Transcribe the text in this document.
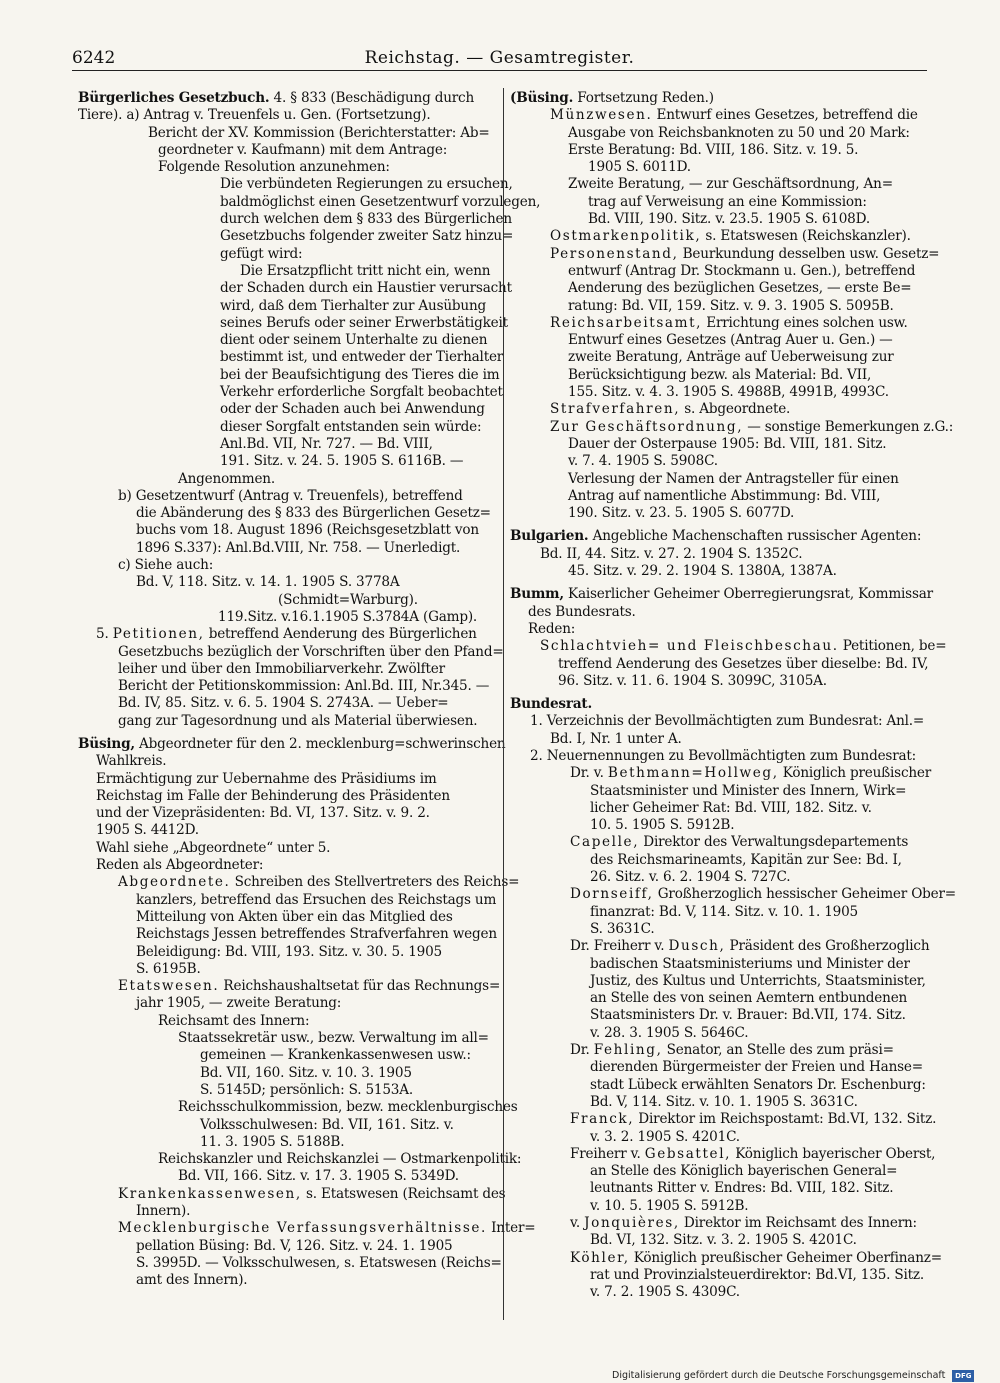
6242	Reichstag. — Gesamtregister.
Bürgerliches Gesetzbuch. 4. § 833 (Beschädigung durch
Tiere). a) Antrag v. Treuenfels u. Gen. (Fortsetzung).
Bericht der XV. Kommission (Berichterstatter: Ab=
geordneter v. Kaufmann) mit dem Antrage:
Folgende Resolution anzunehmen:
Die verbündeten Regierungen zu ersuchen,
baldmöglichst einen Gesetzentwurf vorzulegen,
durch welchen dem § 833 des Bürgerlichen
Gesetzbuchs folgender zweiter Satz hinzu=
gefügt wird:
Die Ersatzpflicht tritt nicht ein, wenn
der Schaden durch ein Haustier verursacht
wird, daß dem Tierhalter zur Ausübung
seines Berufs oder seiner Erwerbstätigkeit
dient oder seinem Unterhalte zu dienen
bestimmt ist, und entweder der Tierhalter
bei der Beaufsichtigung des Tieres die im
Verkehr erforderliche Sorgfalt beobachtet
oder der Schaden auch bei Anwendung
dieser Sorgfalt entstanden sein würde:
Anl.Bd. VII, Nr. 727. — Bd. VIII,
191. Sitz. v. 24. 5. 1905 S. 6116B. —
Angenommen.
b) Gesetzentwurf (Antrag v. Treuenfels), betreffend
die Abänderung des § 833 des Bürgerlichen Gesetz=
buchs vom 18. August 1896 (Reichsgesetzblatt von
1896 S.337): Anl.Bd.VIII, Nr. 758. — Unerledigt.
c) Siehe auch:
Bd. V, 118. Sitz. v. 14. 1. 1905 S. 3778A
(Schmidt=Warburg).
119.Sitz. v.16.1.1905 S.3784A (Gamp).
5. Petitionen, betreffend Aenderung des Bürgerlichen
Gesetzbuchs bezüglich der Vorschriften über den Pfand=
leiher und über den Immobiliarverkehr. Zwölfter
Bericht der Petitionskommission: Anl.Bd. III, Nr.345. —
Bd. IV, 85. Sitz. v. 6. 5. 1904 S. 2743A. — Ueber=
gang zur Tagesordnung und als Material überwiesen.
Büsing, Abgeordneter für den 2. mecklenburg=schwerinschen
Wahlkreis.
Ermächtigung zur Uebernahme des Präsidiums im
Reichstag im Falle der Behinderung des Präsidenten
und der Vizepräsidenten: Bd. VI, 137. Sitz. v. 9. 2.
1905 S. 4412D.
Wahl siehe „Abgeordnete“ unter 5.
Reden als Abgeordneter:
Abgeordnete. Schreiben des Stellvertreters des Reichs=
kanzlers, betreffend das Ersuchen des Reichstags um
Mitteilung von Akten über ein das Mitglied des
Reichstags Jessen betreffendes Strafverfahren wegen
Beleidigung: Bd. VIII, 193. Sitz. v. 30. 5. 1905
S. 6195B.
Etatswesen. Reichshaushaltsetat für das Rechnungs=
jahr 1905, — zweite Beratung:
Reichsamt des Innern:
Staatssekretär usw., bezw. Verwaltung im all=
gemeinen — Krankenkassenwesen usw.:
Bd. VII, 160. Sitz. v. 10. 3. 1905
S. 5145D; persönlich: S. 5153A.
Reichsschulkommission, bezw. mecklenburgisches
Volksschulwesen: Bd. VII, 161. Sitz. v.
11. 3. 1905 S. 5188B.
Reichskanzler und Reichskanzlei — Ostmarkenpolitik:
Bd. VII, 166. Sitz. v. 17. 3. 1905 S. 5349D.
Krankenkassenwesen, s. Etatswesen (Reichsamt des
Innern).
Mecklenburgische Verfassungsverhältnisse. Inter=
pellation Büsing: Bd. V, 126. Sitz. v. 24. 1. 1905
S. 3995D. — Volksschulwesen, s. Etatswesen (Reichs=
amt des Innern).
(Büsing. Fortsetzung Reden.)
Münzwesen. Entwurf eines Gesetzes, betreffend die
Ausgabe von Reichsbanknoten zu 50 und 20 Mark:
Erste Beratung: Bd. VIII, 186. Sitz. v. 19. 5.
1905 S. 6011D.
Zweite Beratung, — zur Geschäftsordnung, An=
trag auf Verweisung an eine Kommission:
Bd. VIII, 190. Sitz. v. 23.5. 1905 S. 6108D.
Ostmarkenpolitik, s. Etatswesen (Reichskanzler).
Personenstand, Beurkundung desselben usw. Gesetz=
entwurf (Antrag Dr. Stockmann u. Gen.), betreffend
Aenderung des bezüglichen Gesetzes, — erste Be=
ratung: Bd. VII, 159. Sitz. v. 9. 3. 1905 S. 5095B.
Reichsarbeitsamt, Errichtung eines solchen usw.
Entwurf eines Gesetzes (Antrag Auer u. Gen.) —
zweite Beratung, Anträge auf Ueberweisung zur
Berücksichtigung bezw. als Material: Bd. VII,
155. Sitz. v. 4. 3. 1905 S. 4988B, 4991B, 4993C.
Strafverfahren, s. Abgeordnete.
Zur Geschäftsordnung, — sonstige Bemerkungen z.G.:
Dauer der Osterpause 1905: Bd. VIII, 181. Sitz.
v. 7. 4. 1905 S. 5908C.
Verlesung der Namen der Antragsteller für einen
Antrag auf namentliche Abstimmung: Bd. VIII,
190. Sitz. v. 23. 5. 1905 S. 6077D.
Bulgarien. Angebliche Machenschaften russischer Agenten:
Bd. II, 44. Sitz. v. 27. 2. 1904 S. 1352C.
45. Sitz. v. 29. 2. 1904 S. 1380A, 1387A.
Bumm, Kaiserlicher Geheimer Oberregierungsrat, Kommissar
des Bundesrats.
Reden:
Schlachtvieh= und Fleischbeschau. Petitionen, be=
treffend Aenderung des Gesetzes über dieselbe: Bd. IV,
96. Sitz. v. 11. 6. 1904 S. 3099C, 3105A.
Bundesrat.
1. Verzeichnis der Bevollmächtigten zum Bundesrat: Anl.=
Bd. I, Nr. 1 unter A.
2. Neuernennungen zu Bevollmächtigten zum Bundesrat:
Dr. v. Bethmann=Hollweg, Königlich preußischer
Staatsminister und Minister des Innern, Wirk=
licher Geheimer Rat: Bd. VIII, 182. Sitz. v.
10. 5. 1905 S. 5912B.
Capelle, Direktor des Verwaltungsdepartements
des Reichsmarineamts, Kapitän zur See: Bd. I,
26. Sitz. v. 6. 2. 1904 S. 727C.
Dornseiff, Großherzoglich hessischer Geheimer Ober=
finanzrat: Bd. V, 114. Sitz. v. 10. 1. 1905
S. 3631C.
Dr. Freiherr v. Dusch, Präsident des Großherzoglich
badischen Staatsministeriums und Minister der
Justiz, des Kultus und Unterrichts, Staatsminister,
an Stelle des von seinen Aemtern entbundenen
Staatsministers Dr. v. Brauer: Bd.VII, 174. Sitz.
v. 28. 3. 1905 S. 5646C.
Dr. Fehling, Senator, an Stelle des zum präsi=
dierenden Bürgermeister der Freien und Hanse=
stadt Lübeck erwählten Senators Dr. Eschenburg:
Bd. V, 114. Sitz. v. 10. 1. 1905 S. 3631C.
Franck, Direktor im Reichspostamt: Bd.VI, 132. Sitz.
v. 3. 2. 1905 S. 4201C.
Freiherr v. Gebsattel, Königlich bayerischer Oberst,
an Stelle des Königlich bayerischen General=
leutnants Ritter v. Endres: Bd. VIII, 182. Sitz.
v. 10. 5. 1905 S. 5912B.
v. Jonquières, Direktor im Reichsamt des Innern:
Bd. VI, 132. Sitz. v. 3. 2. 1905 S. 4201C.
Köhler, Königlich preußischer Geheimer Oberfinanz=
rat und Provinzialsteuerdirektor: Bd.VI, 135. Sitz.
v. 7. 2. 1905 S. 4309C.
Digitalisierung gefördert durch die Deutsche Forschungsgemeinschaft DFG
